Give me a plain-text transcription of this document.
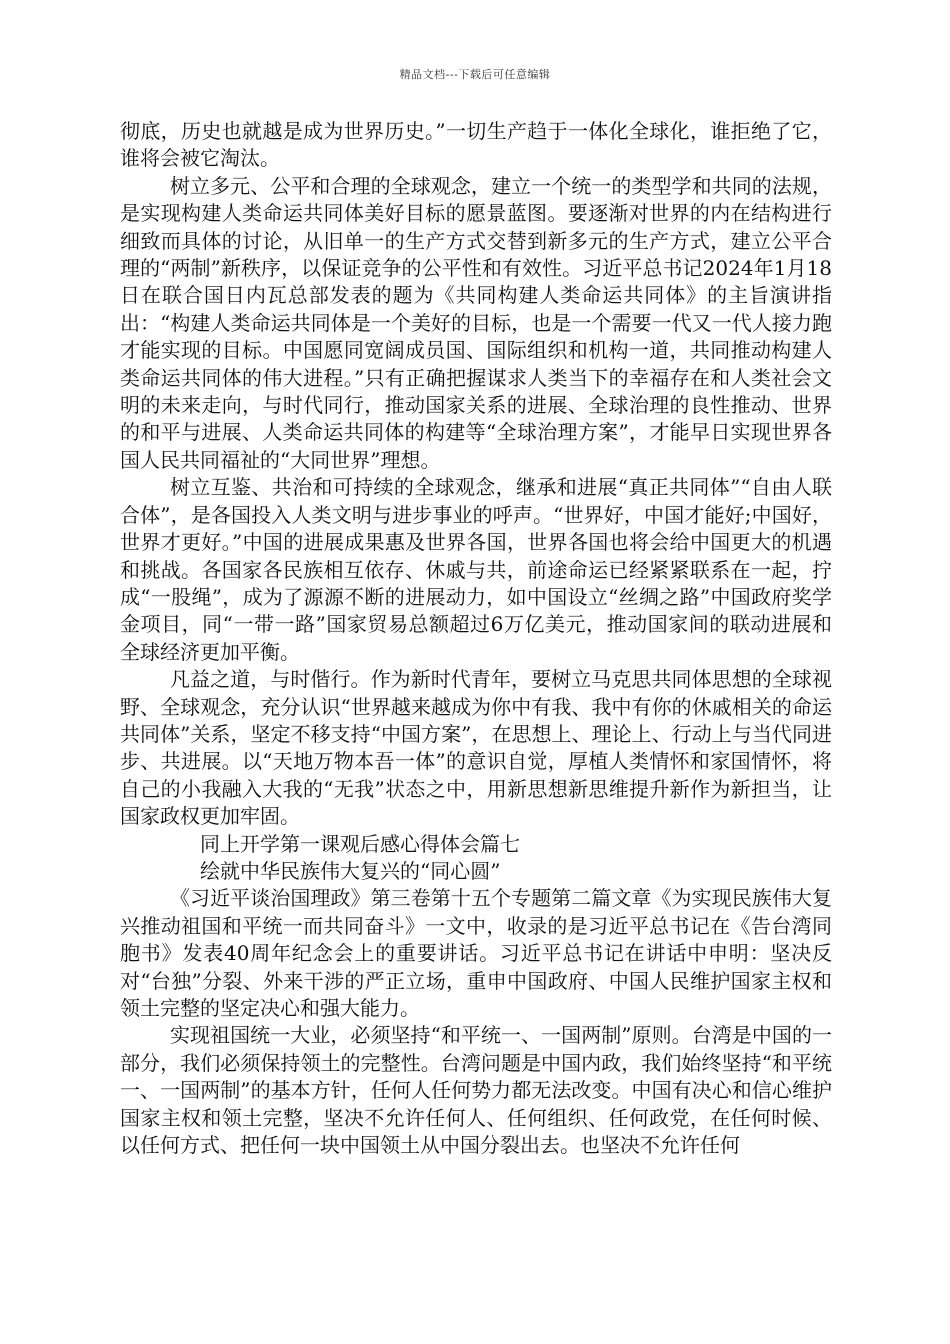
精品文档---下载后可任意编辑

彻底，历史也就越是成为世界历史。”一切生产趋于一体化全球化，谁拒绝了它，谁将会被它淘汰。

树立多元、公平和合理的全球观念，建立一个统一的类型学和共同的法规，是实现构建人类命运共同体美好目标的愿景蓝图。要逐渐对世界的内在结构进行细致而具体的讨论，从旧单一的生产方式交替到新多元的生产方式，建立公平合理的“两制”新秩序，以保证竞争的公平性和有效性。习近平总书记2024年1月18日在联合国日内瓦总部发表的题为《共同构建人类命运共同体》的主旨演讲指出：“构建人类命运共同体是一个美好的目标，也是一个需要一代又一代人接力跑才能实现的目标。中国愿同宽阔成员国、国际组织和机构一道，共同推动构建人类命运共同体的伟大进程。”只有正确把握谋求人类当下的幸福存在和人类社会文明的未来走向，与时代同行，推动国家关系的进展、全球治理的良性推动、世界的和平与进展、人类命运共同体的构建等“全球治理方案”，才能早日实现世界各国人民共同福祉的“大同世界”理想。

树立互鉴、共治和可持续的全球观念，继承和进展“真正共同体”“自由人联合体”，是各国投入人类文明与进步事业的呼声。“世界好，中国才能好;中国好，世界才更好。”中国的进展成果惠及世界各国，世界各国也将会给中国更大的机遇和挑战。各国家各民族相互依存、休戚与共，前途命运已经紧紧联系在一起，拧成“一股绳”，成为了源源不断的进展动力，如中国设立“丝绸之路”中国政府奖学金项目，同“一带一路”国家贸易总额超过6万亿美元，推动国家间的联动进展和全球经济更加平衡。

凡益之道，与时偕行。作为新时代青年，要树立马克思共同体思想的全球视野、全球观念，充分认识“世界越来越成为你中有我、我中有你的休戚相关的命运共同体”关系，坚定不移支持“中国方案”，在思想上、理论上、行动上与当代同进步、共进展。以“天地万物本吾一体”的意识自觉，厚植人类情怀和家国情怀，将自己的小我融入大我的“无我”状态之中，用新思想新思维提升新作为新担当，让国家政权更加牢固。

同上开学第一课观后感心得体会篇七

绘就中华民族伟大复兴的“同心圆”

《习近平谈治国理政》第三卷第十五个专题第二篇文章《为实现民族伟大复兴推动祖国和平统一而共同奋斗》一文中，收录的是习近平总书记在《告台湾同胞书》发表40周年纪念会上的重要讲话。习近平总书记在讲话中申明：坚决反对“台独”分裂、外来干涉的严正立场，重申中国政府、中国人民维护国家主权和领土完整的坚定决心和强大能力。

实现祖国统一大业，必须坚持“和平统一、一国两制”原则。台湾是中国的一部分，我们必须保持领土的完整性。台湾问题是中国内政，我们始终坚持“和平统一、一国两制”的基本方针，任何人任何势力都无法改变。中国有决心和信心维护国家主权和领土完整，坚决不允许任何人、任何组织、任何政党，在任何时候、以任何方式、把任何一块中国领土从中国分裂出去。也坚决不允许任何
